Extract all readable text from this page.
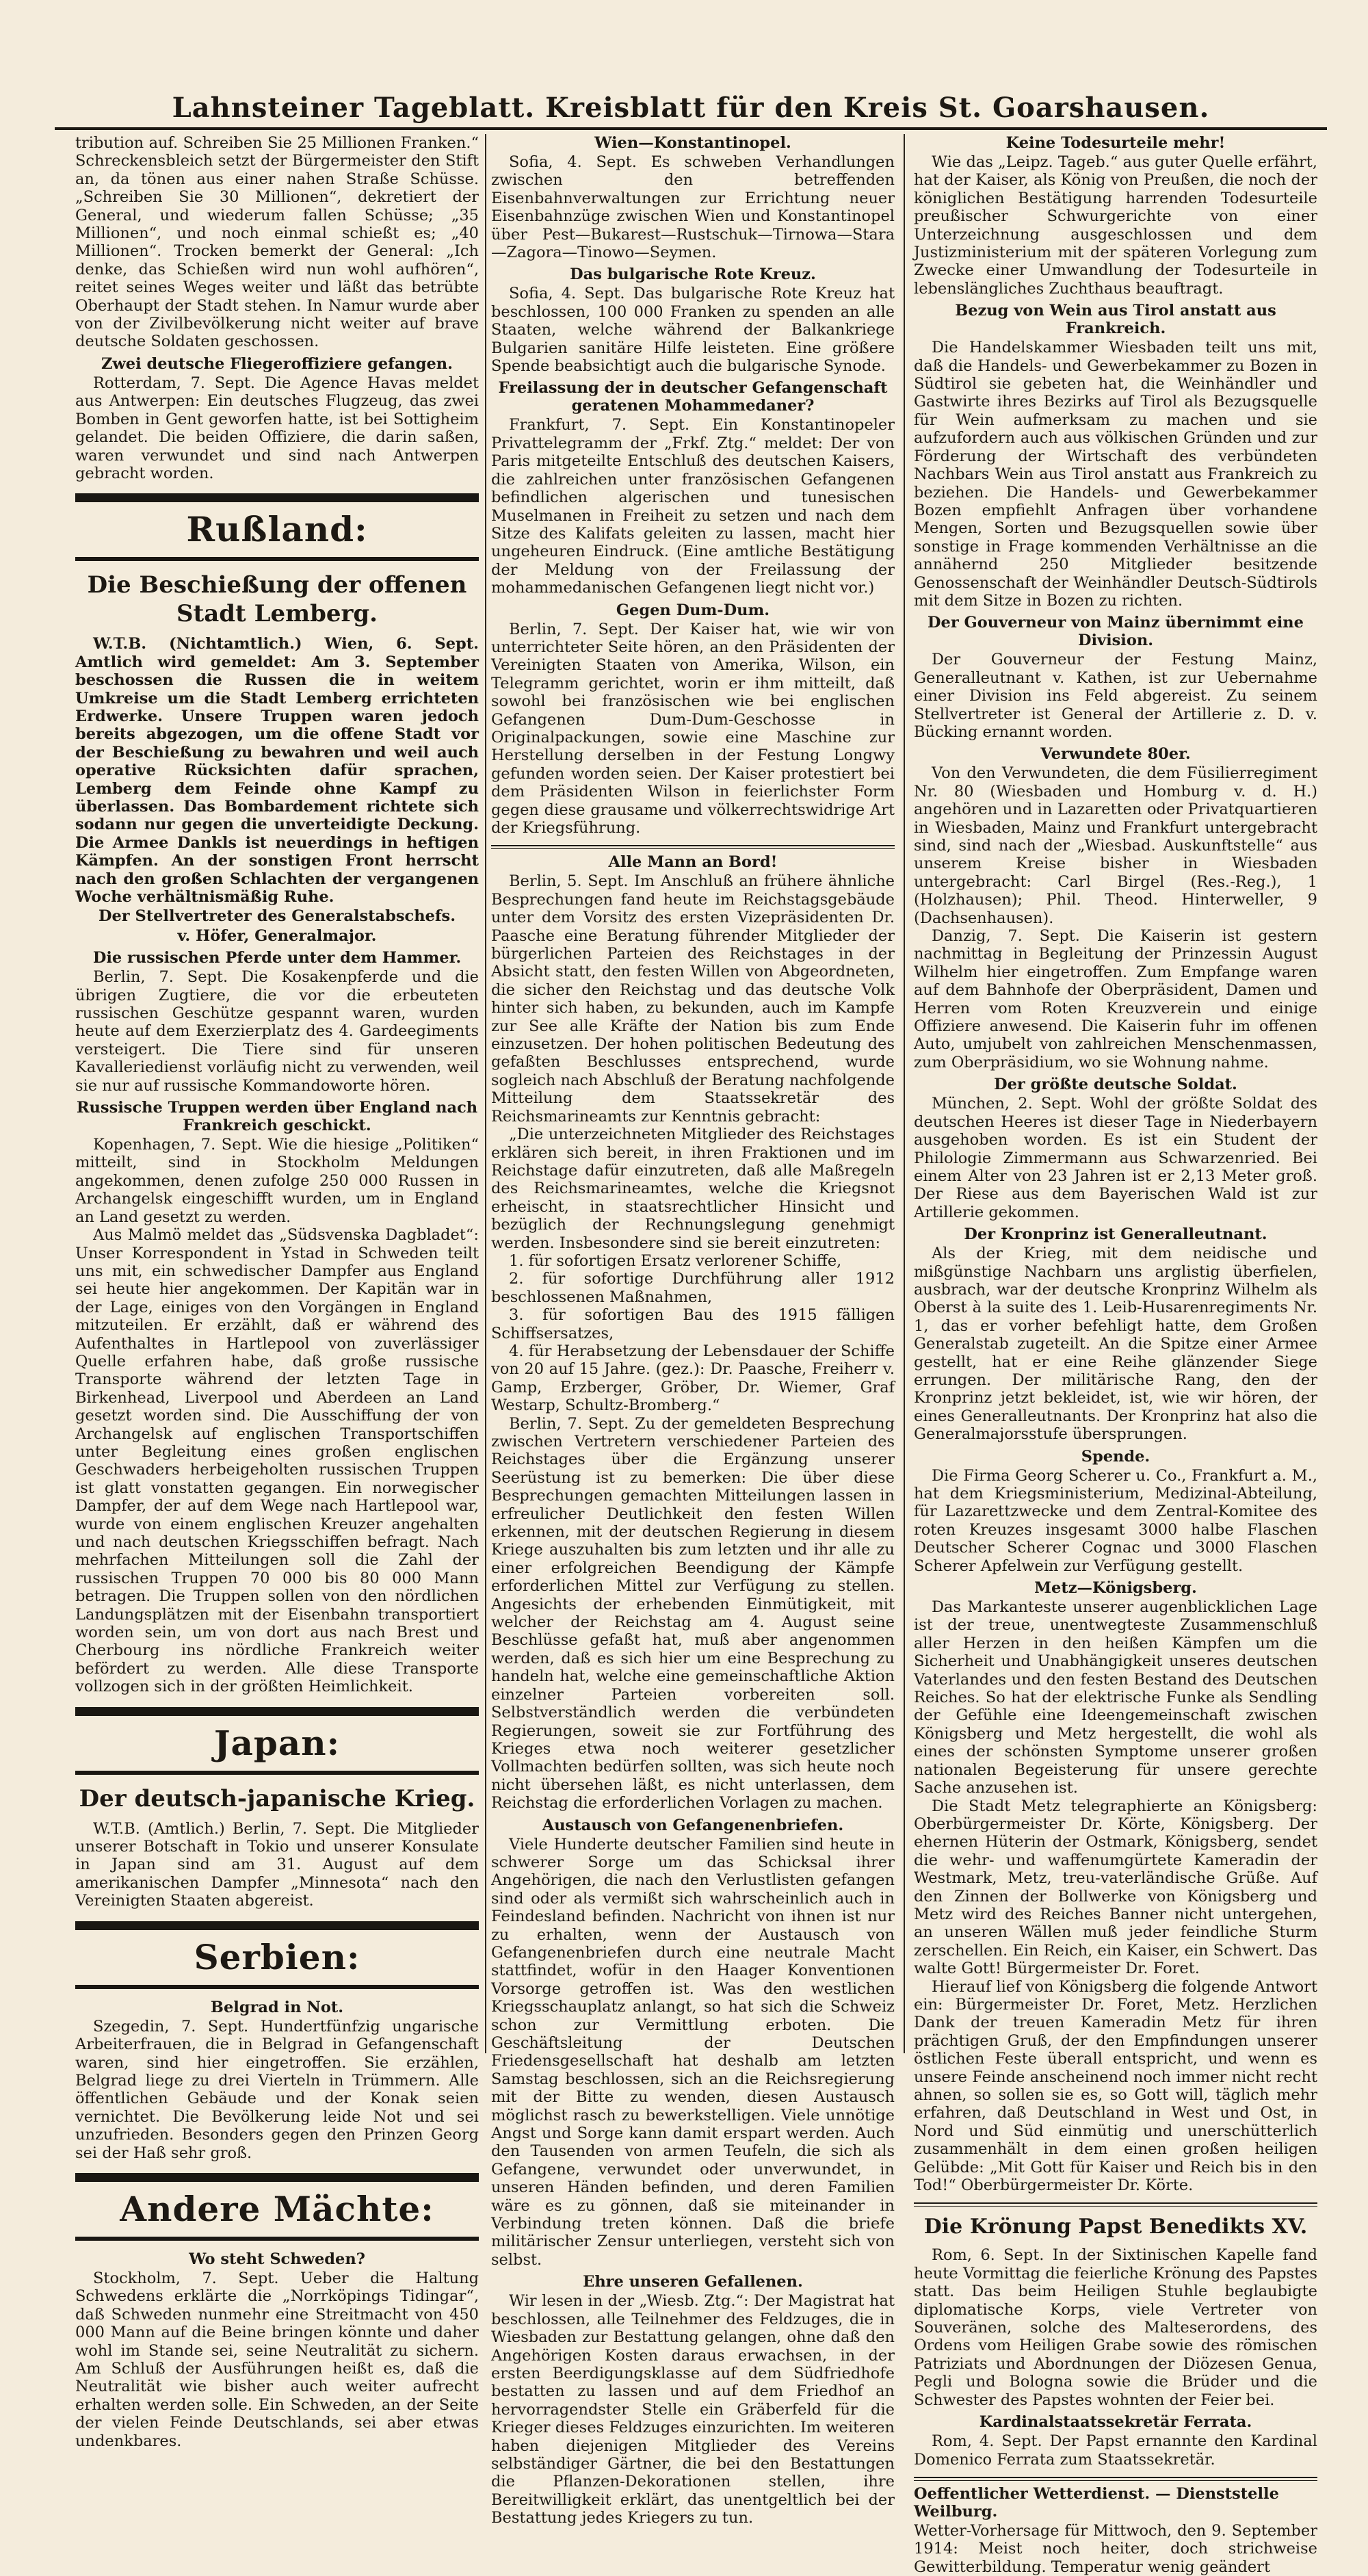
Lahnsteiner Tageblatt. Kreisblatt für den Kreis St. Goarshausen.

tribution auf. Schreiben Sie 25 Millionen Franken.“ Schreckensbleich setzt der Bürgermeister den Stift an, da tönen aus einer nahen Straße Schüsse. „Schreiben Sie 30 Millionen“, dekretiert der General, und wiederum fallen Schüsse; „35 Millionen“, und noch einmal schießt es; „40 Millionen“. Trocken bemerkt der General: „Ich denke, das Schießen wird nun wohl aufhören“, reitet seines Weges weiter und läßt das betrübte Oberhaupt der Stadt stehen. In Namur wurde aber von der Zivilbevölkerung nicht weiter auf brave deutsche Soldaten geschossen.

Zwei deutsche Fliegeroffiziere gefangen.

Rotterdam, 7. Sept. Die Agence Havas meldet aus Antwerpen: Ein deutsches Flugzeug, das zwei Bomben in Gent geworfen hatte, ist bei Sottigheim gelandet. Die beiden Offiziere, die darin saßen, waren verwundet und sind nach Antwerpen gebracht worden.

Rußland:
Die Beschießung der offenen Stadt Lemberg.

W.T.B. (Nichtamtlich.) Wien, 6. Sept. Amtlich wird gemeldet: Am 3. September beschossen die Russen die in weitem Umkreise um die Stadt Lemberg errichteten Erdwerke. Unsere Truppen waren jedoch bereits abgezogen, um die offene Stadt vor der Beschießung zu bewahren und weil auch operative Rücksichten dafür sprachen, Lemberg dem Feinde ohne Kampf zu überlassen. Das Bombardement richtete sich sodann nur gegen die unverteidigte Deckung. Die Armee Dankls ist neuerdings in heftigen Kämpfen. An der sonstigen Front herrscht nach den großen Schlachten der vergangenen Woche verhältnismäßig Ruhe.

Der Stellvertreter des Generalstabschefs.
v. Höfer, Generalmajor.
Die russischen Pferde unter dem Hammer.

Berlin, 7. Sept. Die Kosakenpferde und die übrigen Zugtiere, die vor die erbeuteten russischen Geschütze gespannt waren, wurden heute auf dem Exerzierplatz des 4. Gardeegiments versteigert. Die Tiere sind für unseren Kavalleriedienst vorläufig nicht zu verwenden, weil sie nur auf russische Kommandoworte hören.

Russische Truppen werden über England nach Frankreich geschickt.

Kopenhagen, 7. Sept. Wie die hiesige „Politiken“ mitteilt, sind in Stockholm Meldungen angekommen, denen zufolge 250 000 Russen in Archangelsk eingeschifft wurden, um in England an Land gesetzt zu werden.

Aus Malmö meldet das „Südsvenska Dagbladet“: Unser Korrespondent in Ystad in Schweden teilt uns mit, ein schwedischer Dampfer aus England sei heute hier angekommen. Der Kapitän war in der Lage, einiges von den Vorgängen in England mitzuteilen. Er erzählt, daß er während des Aufenthaltes in Hartlepool von zuverlässiger Quelle erfahren habe, daß große russische Transporte während der letzten Tage in Birkenhead, Liverpool und Aberdeen an Land gesetzt worden sind. Die Ausschiffung der von Archangelsk auf englischen Transportschiffen unter Begleitung eines großen englischen Geschwaders herbeigeholten russischen Truppen ist glatt vonstatten gegangen. Ein norwegischer Dampfer, der auf dem Wege nach Hartlepool war, wurde von einem englischen Kreuzer angehalten und nach deutschen Kriegsschiffen befragt. Nach mehrfachen Mitteilungen soll die Zahl der russischen Truppen 70 000 bis 80 000 Mann betragen. Die Truppen sollen von den nördlichen Landungsplätzen mit der Eisenbahn transportiert worden sein, um von dort aus nach Brest und Cherbourg ins nördliche Frankreich weiter befördert zu werden. Alle diese Transporte vollzogen sich in der größten Heimlichkeit.

Japan:
Der deutsch-japanische Krieg.

W.T.B. (Amtlich.) Berlin, 7. Sept. Die Mitglieder unserer Botschaft in Tokio und unserer Konsulate in Japan sind am 31. August auf dem amerikanischen Dampfer „Minnesota“ nach den Vereinigten Staaten abgereist.

Serbien:
Belgrad in Not.

Szegedin, 7. Sept. Hundertfünfzig ungarische Arbeiterfrauen, die in Belgrad in Gefangenschaft waren, sind hier eingetroffen. Sie erzählen, Belgrad liege zu drei Vierteln in Trümmern. Alle öffentlichen Gebäude und der Konak seien vernichtet. Die Bevölkerung leide Not und sei unzufrieden. Besonders gegen den Prinzen Georg sei der Haß sehr groß.

Andere Mächte:
Wo steht Schweden?

Stockholm, 7. Sept. Ueber die Haltung Schwedens erklärte die „Norrköpings Tidingar“, daß Schweden nunmehr eine Streitmacht von 450 000 Mann auf die Beine bringen könnte und daher wohl im Stande sei, seine Neutralität zu sichern. Am Schluß der Ausführungen heißt es, daß die Neutralität wie bisher auch weiter aufrecht erhalten werden solle. Ein Schweden, an der Seite der vielen Feinde Deutschlands, sei aber etwas undenkbares.

Wien—Konstantinopel.

Sofia, 4. Sept. Es schweben Verhandlungen zwischen den betreffenden Eisenbahnverwaltungen zur Errichtung neuer Eisenbahnzüge zwischen Wien und Konstantinopel über Pest—Bukarest—Rustschuk—Tirnowa—Stara—Zagora—Tinowo—Seymen.

Das bulgarische Rote Kreuz.

Sofia, 4. Sept. Das bulgarische Rote Kreuz hat beschlossen, 100 000 Franken zu spenden an alle Staaten, welche während der Balkankriege Bulgarien sanitäre Hilfe leisteten. Eine größere Spende beabsichtigt auch die bulgarische Synode.

Freilassung der in deutscher Gefangenschaft geratenen Mohammedaner?

Frankfurt, 7. Sept. Ein Konstantinopeler Privattelegramm der „Frkf. Ztg.“ meldet: Der von Paris mitgeteilte Entschluß des deutschen Kaisers, die zahlreichen unter französischen Gefangenen befindlichen algerischen und tunesischen Muselmanen in Freiheit zu setzen und nach dem Sitze des Kalifats geleiten zu lassen, macht hier ungeheuren Eindruck. (Eine amtliche Bestätigung der Meldung von der Freilassung der mohammedanischen Gefangenen liegt nicht vor.)

Gegen Dum-Dum.

Berlin, 7. Sept. Der Kaiser hat, wie wir von unterrichteter Seite hören, an den Präsidenten der Vereinigten Staaten von Amerika, Wilson, ein Telegramm gerichtet, worin er ihm mitteilt, daß sowohl bei französischen wie bei englischen Gefangenen Dum-Dum-Geschosse in Originalpackungen, sowie eine Maschine zur Herstellung derselben in der Festung Longwy gefunden worden seien. Der Kaiser protestiert bei dem Präsidenten Wilson in feierlichster Form gegen diese grausame und völkerrechtswidrige Art der Kriegsführung.

Alle Mann an Bord!

Berlin, 5. Sept. Im Anschluß an frühere ähnliche Besprechungen fand heute im Reichstagsgebäude unter dem Vorsitz des ersten Vizepräsidenten Dr. Paasche eine Beratung führender Mitglieder der bürgerlichen Parteien des Reichstages in der Absicht statt, den festen Willen von Abgeordneten, die sicher den Reichstag und das deutsche Volk hinter sich haben, zu bekunden, auch im Kampfe zur See alle Kräfte der Nation bis zum Ende einzusetzen. Der hohen politischen Bedeutung des gefaßten Beschlusses entsprechend, wurde sogleich nach Abschluß der Beratung nachfolgende Mitteilung dem Staatssekretär des Reichsmarineamts zur Kenntnis gebracht:

„Die unterzeichneten Mitglieder des Reichstages erklären sich bereit, in ihren Fraktionen und im Reichstage dafür einzutreten, daß alle Maßregeln des Reichsmarineamtes, welche die Kriegsnot erheischt, in staatsrechtlicher Hinsicht und bezüglich der Rechnungslegung genehmigt werden. Insbesondere sind sie bereit einzutreten:

1. für sofortigen Ersatz verlorener Schiffe,

2. für sofortige Durchführung aller 1912 beschlossenen Maßnahmen,

3. für sofortigen Bau des 1915 fälligen Schiffsersatzes,

4. für Herabsetzung der Lebensdauer der Schiffe von 20 auf 15 Jahre. (gez.): Dr. Paasche, Freiherr v. Gamp, Erzberger, Gröber, Dr. Wiemer, Graf Westarp, Schultz-Bromberg.“

Berlin, 7. Sept. Zu der gemeldeten Besprechung zwischen Vertretern verschiedener Parteien des Reichstages über die Ergänzung unserer Seerüstung ist zu bemerken: Die über diese Besprechungen gemachten Mitteilungen lassen in erfreulicher Deutlichkeit den festen Willen erkennen, mit der deutschen Regierung in diesem Kriege auszuhalten bis zum letzten und ihr alle zu einer erfolgreichen Beendigung der Kämpfe erforderlichen Mittel zur Verfügung zu stellen. Angesichts der erhebenden Einmütigkeit, mit welcher der Reichstag am 4. August seine Beschlüsse gefaßt hat, muß aber angenommen werden, daß es sich hier um eine Besprechung zu handeln hat, welche eine gemeinschaftliche Aktion einzelner Parteien vorbereiten soll. Selbstverständlich werden die verbündeten Regierungen, soweit sie zur Fortführung des Krieges etwa noch weiterer gesetzlicher Vollmachten bedürfen sollten, was sich heute noch nicht übersehen läßt, es nicht unterlassen, dem Reichstag die erforderlichen Vorlagen zu machen.

Austausch von Gefangenenbriefen.

Viele Hunderte deutscher Familien sind heute in schwerer Sorge um das Schicksal ihrer Angehörigen, die nach den Verlustlisten gefangen sind oder als vermißt sich wahrscheinlich auch in Feindesland befinden. Nachricht von ihnen ist nur zu erhalten, wenn der Austausch von Gefangenenbriefen durch eine neutrale Macht stattfindet, wofür in den Haager Konventionen Vorsorge getroffen ist. Was den westlichen Kriegsschauplatz anlangt, so hat sich die Schweiz schon zur Vermittlung erboten. Die Geschäftsleitung der Deutschen Friedensgesellschaft hat deshalb am letzten Samstag beschlossen, sich an die Reichsregierung mit der Bitte zu wenden, diesen Austausch möglichst rasch zu bewerkstelligen. Viele unnötige Angst und Sorge kann damit erspart werden. Auch den Tausenden von armen Teufeln, die sich als Gefangene, verwundet oder unverwundet, in unseren Händen befinden, und deren Familien wäre es zu gönnen, daß sie miteinander in Verbindung treten können. Daß die briefe militärischer Zensur unterliegen, versteht sich von selbst.

Ehre unseren Gefallenen.

Wir lesen in der „Wiesb. Ztg.“: Der Magistrat hat beschlossen, alle Teilnehmer des Feldzuges, die in Wiesbaden zur Bestattung gelangen, ohne daß den Angehörigen Kosten daraus erwachsen, in der ersten Beerdigungsklasse auf dem Südfriedhofe bestatten zu lassen und auf dem Friedhof an hervorragendster Stelle ein Gräberfeld für die Krieger dieses Feldzuges einzurichten. Im weiteren haben diejenigen Mitglieder des Vereins selbständiger Gärtner, die bei den Bestattungen die Pflanzen-Dekorationen stellen, ihre Bereitwilligkeit erklärt, das unentgeltlich bei der Bestattung jedes Kriegers zu tun.

Keine Todesurteile mehr!

Wie das „Leipz. Tageb.“ aus guter Quelle erfährt, hat der Kaiser, als König von Preußen, die noch der königlichen Bestätigung harrenden Todesurteile preußischer Schwurgerichte von einer Unterzeichnung ausgeschlossen und dem Justizministerium mit der späteren Vorlegung zum Zwecke einer Umwandlung der Todesurteile in lebenslängliches Zuchthaus beauftragt.

Bezug von Wein aus Tirol anstatt aus Frankreich.

Die Handelskammer Wiesbaden teilt uns mit, daß die Handels- und Gewerbekammer zu Bozen in Südtirol sie gebeten hat, die Weinhändler und Gastwirte ihres Bezirks auf Tirol als Bezugsquelle für Wein aufmerksam zu machen und sie aufzufordern auch aus völkischen Gründen und zur Förderung der Wirtschaft des verbündeten Nachbars Wein aus Tirol anstatt aus Frankreich zu beziehen. Die Handels- und Gewerbekammer Bozen empfiehlt Anfragen über vorhandene Mengen, Sorten und Bezugsquellen sowie über sonstige in Frage kommenden Verhältnisse an die annähernd 250 Mitglieder besitzende Genossenschaft der Weinhändler Deutsch-Südtirols mit dem Sitze in Bozen zu richten.

Der Gouverneur von Mainz übernimmt eine Division.

Der Gouverneur der Festung Mainz, Generalleutnant v. Kathen, ist zur Uebernahme einer Division ins Feld abgereist. Zu seinem Stellvertreter ist General der Artillerie z. D. v. Bücking ernannt worden.

Verwundete 80er.

Von den Verwundeten, die dem Füsilierregiment Nr. 80 (Wiesbaden und Homburg v. d. H.) angehören und in Lazaretten oder Privatquartieren in Wiesbaden, Mainz und Frankfurt untergebracht sind, sind nach der „Wiesbad. Auskunftstelle“ aus unserem Kreise bisher in Wiesbaden untergebracht: Carl Birgel (Res.-Reg.), 1 (Holzhausen); Phil. Theod. Hinterweller, 9 (Dachsenhausen).

Danzig, 7. Sept. Die Kaiserin ist gestern nachmittag in Begleitung der Prinzessin August Wilhelm hier eingetroffen. Zum Empfange waren auf dem Bahnhofe der Oberpräsident, Damen und Herren vom Roten Kreuzverein und einige Offiziere anwesend. Die Kaiserin fuhr im offenen Auto, umjubelt von zahlreichen Menschenmassen, zum Oberpräsidium, wo sie Wohnung nahme.

Der größte deutsche Soldat.

München, 2. Sept. Wohl der größte Soldat des deutschen Heeres ist dieser Tage in Niederbayern ausgehoben worden. Es ist ein Student der Philologie Zimmermann aus Schwarzenried. Bei einem Alter von 23 Jahren ist er 2,13 Meter groß. Der Riese aus dem Bayerischen Wald ist zur Artillerie gekommen.

Der Kronprinz ist Generalleutnant.

Als der Krieg, mit dem neidische und mißgünstige Nachbarn uns arglistig überfielen, ausbrach, war der deutsche Kronprinz Wilhelm als Oberst à la suite des 1. Leib-Husarenregiments Nr. 1, das er vorher befehligt hatte, dem Großen Generalstab zugeteilt. An die Spitze einer Armee gestellt, hat er eine Reihe glänzender Siege errungen. Der militärische Rang, den der Kronprinz jetzt bekleidet, ist, wie wir hören, der eines Generalleutnants. Der Kronprinz hat also die Generalmajorsstufe übersprungen.

Spende.

Die Firma Georg Scherer u. Co., Frankfurt a. M., hat dem Kriegsministerium, Medizinal-Abteilung, für Lazarettzwecke und dem Zentral-Komitee des roten Kreuzes insgesamt 3000 halbe Flaschen Deutscher Scherer Cognac und 3000 Flaschen Scherer Apfelwein zur Verfügung gestellt.

Metz—Königsberg.

Das Markanteste unserer augenblicklichen Lage ist der treue, unentwegteste Zusammenschluß aller Herzen in den heißen Kämpfen um die Sicherheit und Unabhängigkeit unseres deutschen Vaterlandes und den festen Bestand des Deutschen Reiches. So hat der elektrische Funke als Sendling der Gefühle eine Ideengemeinschaft zwischen Königsberg und Metz hergestellt, die wohl als eines der schönsten Symptome unserer großen nationalen Begeisterung für unsere gerechte Sache anzusehen ist.

Die Stadt Metz telegraphierte an Königsberg: Oberbürgermeister Dr. Körte, Königsberg. Der ehernen Hüterin der Ostmark, Königsberg, sendet die wehr- und waffenumgürtete Kameradin der Westmark, Metz, treu-vaterländische Grüße. Auf den Zinnen der Bollwerke von Königsberg und Metz wird des Reiches Banner nicht untergehen, an unseren Wällen muß jeder feindliche Sturm zerschellen. Ein Reich, ein Kaiser, ein Schwert. Das walte Gott! Bürgermeister Dr. Foret.

Hierauf lief von Königsberg die folgende Antwort ein: Bürgermeister Dr. Foret, Metz. Herzlichen Dank der treuen Kameradin Metz für ihren prächtigen Gruß, der den Empfindungen unserer östlichen Feste überall entspricht, und wenn es unsere Feinde anscheinend noch immer nicht recht ahnen, so sollen sie es, so Gott will, täglich mehr erfahren, daß Deutschland in West und Ost, in Nord und Süd einmütig und unerschütterlich zusammenhält in dem einen großen heiligen Gelübde: „Mit Gott für Kaiser und Reich bis in den Tod!“ Oberbürgermeister Dr. Körte.

Die Krönung Papst Benedikts XV.

Rom, 6. Sept. In der Sixtinischen Kapelle fand heute Vormittag die feierliche Krönung des Papstes statt. Das beim Heiligen Stuhle beglaubigte diplomatische Korps, viele Vertreter von Souveränen, solche des Malteserordens, des Ordens vom Heiligen Grabe sowie des römischen Patriziats und Abordnungen der Diözesen Genua, Pegli und Bologna sowie die Brüder und die Schwester des Papstes wohnten der Feier bei.

Kardinalstaatssekretär Ferrata.

Rom, 4. Sept. Der Papst ernannte den Kardinal Domenico Ferrata zum Staatssekretär.

Oeffentlicher Wetterdienst. — Dienststelle Weilburg.

Wetter-Vorhersage für Mittwoch, den 9. September 1914: Meist noch heiter, doch strichweise Gewitterbildung. Temperatur wenig geändert
